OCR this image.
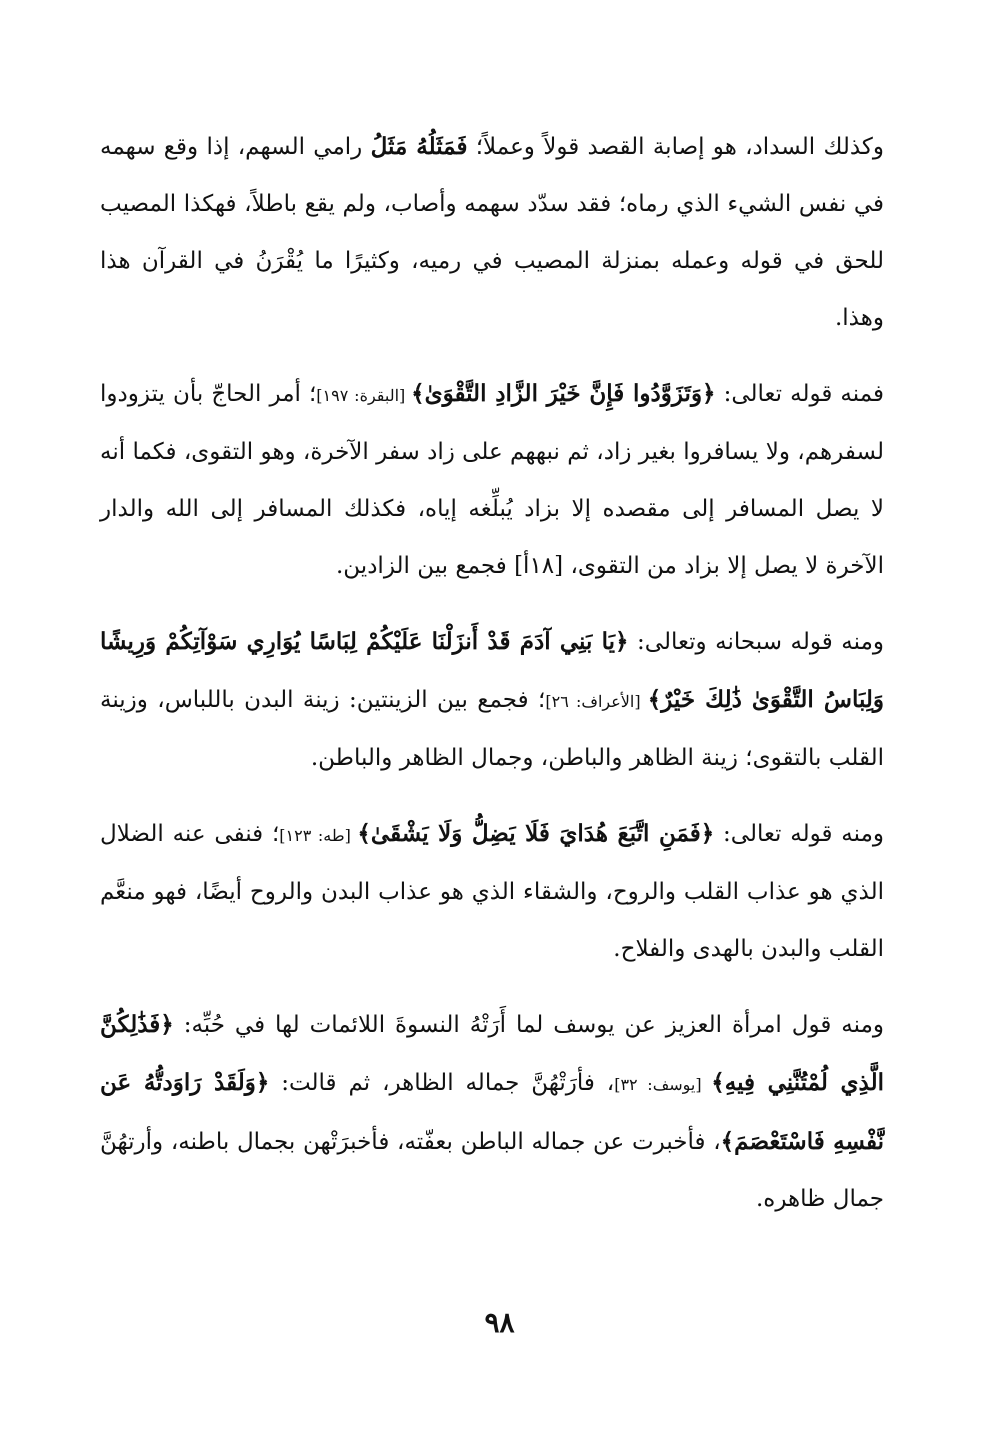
وكذلك السداد، هو إصابة القصد قولاً وعملاً؛ فَمَثَلُهُ مَثَلُ رامي السهم، إذا وقع سهمه في نفس الشيء الذي رماه؛ فقد سدّد سهمه وأصاب، ولم يقع باطلاً، فهكذا المصيب للحق في قوله وعمله بمنزلة المصيب في رميه، وكثيرًا ما يُقْرَنُ في القرآن هذا وهذا.

فمنه قوله تعالى: ﴿وَتَزَوَّدُوا فَإِنَّ خَيْرَ الزَّادِ التَّقْوَىٰ﴾ [البقرة: ١٩٧]؛ أمر الحاجّ بأن يتزودوا لسفرهم، ولا يسافروا بغير زاد، ثم نبههم على زاد سفر الآخرة، وهو التقوى، فكما أنه لا يصل المسافر إلى مقصده إلا بزاد يُبلِّغه إياه، فكذلك المسافر إلى الله والدار الآخرة لا يصل إلا بزاد من التقوى، [١٨أ] فجمع بين الزادين.

ومنه قوله سبحانه وتعالى: ﴿يَا بَنِي آدَمَ قَدْ أَنزَلْنَا عَلَيْكُمْ لِبَاسًا يُوَارِي سَوْآتِكُمْ وَرِيشًا وَلِبَاسُ التَّقْوَىٰ ذَٰلِكَ خَيْرٌ﴾ [الأعراف: ٢٦]؛ فجمع بين الزينتين: زينة البدن باللباس، وزينة القلب بالتقوى؛ زينة الظاهر والباطن، وجمال الظاهر والباطن.

ومنه قوله تعالى: ﴿فَمَنِ اتَّبَعَ هُدَايَ فَلَا يَضِلُّ وَلَا يَشْقَىٰ﴾ [طه: ١٢٣]؛ فنفى عنه الضلال الذي هو عذاب القلب والروح، والشقاء الذي هو عذاب البدن والروح أيضًا، فهو منعَّم القلب والبدن بالهدى والفلاح.

ومنه قول امرأة العزيز عن يوسف لما أَرَتْهُ النسوةَ اللائمات لها في حُبِّه: ﴿فَذَٰلِكُنَّ الَّذِي لُمْتُنَّنِي فِيهِ﴾ [يوسف: ٣٢]، فأرَتْهُنَّ جماله الظاهر، ثم قالت: ﴿وَلَقَدْ رَاوَدتُّهُ عَن نَّفْسِهِ فَاسْتَعْصَمَ﴾، فأخبرت عن جماله الباطن بعفّته، فأخبرَتْهن بجمال باطنه، وأرتهُنَّ جمال ظاهره.

٩٨
